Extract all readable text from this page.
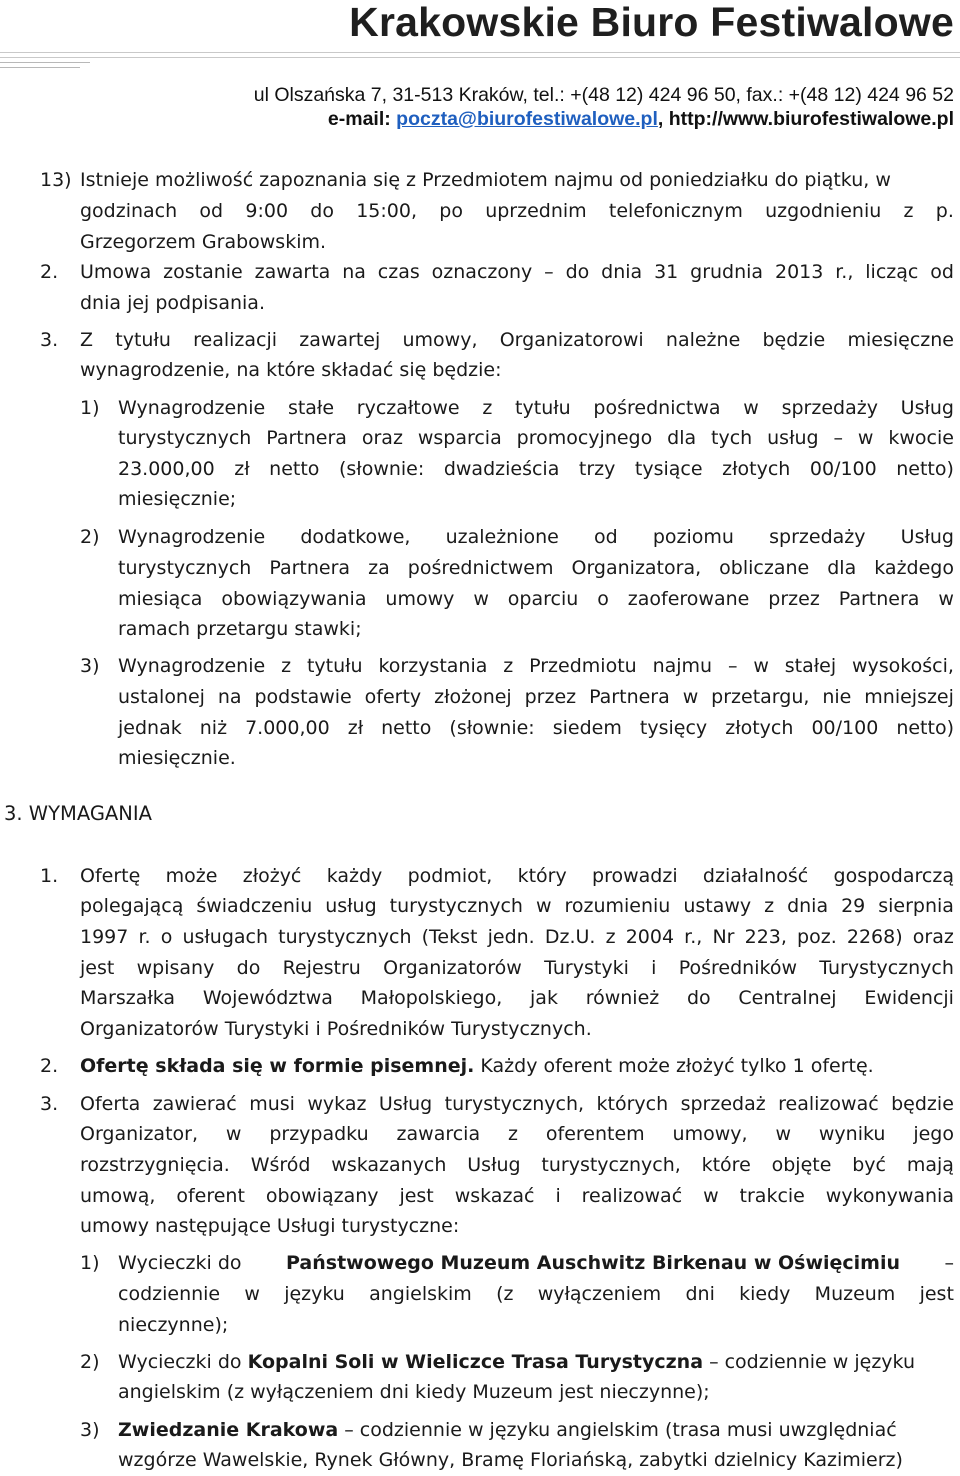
Krakowskie Biuro Festiwalowe
ul Olszańska 7, 31-513 Kraków, tel.: +(48 12) 424 96 50, fax.: +(48 12) 424 96 52
e-mail: poczta@biurofestiwalowe.pl, http://www.biurofestiwalowe.pl
13) Istnieje możliwość zapoznania się z Przedmiotem najmu od poniedziałku do piątku, w
godzinach od 9:00 do 15:00, po uprzednim telefonicznym uzgodnieniu z p.
Grzegorzem Grabowskim.
2. Umowa zostanie zawarta na czas oznaczony – do dnia 31 grudnia 2013 r., licząc od
dnia jej podpisania.
3. Z tytułu realizacji zawartej umowy, Organizatorowi należne będzie miesięczne
wynagrodzenie, na które składać się będzie:
1) Wynagrodzenie stałe ryczałtowe z tytułu pośrednictwa w sprzedaży Usług
turystycznych Partnera oraz wsparcia promocyjnego dla tych usług – w kwocie
23.000,00 zł netto (słownie: dwadzieścia trzy tysiące złotych 00/100 netto)
miesięcznie;
2) Wynagrodzenie dodatkowe, uzależnione od poziomu sprzedaży Usług
turystycznych Partnera za pośrednictwem Organizatora, obliczane dla każdego
miesiąca obowiązywania umowy w oparciu o zaoferowane przez Partnera w
ramach przetargu stawki;
3) Wynagrodzenie z tytułu korzystania z Przedmiotu najmu – w stałej wysokości,
ustalonej na podstawie oferty złożonej przez Partnera w przetargu, nie mniejszej
jednak niż 7.000,00 zł netto (słownie: siedem tysięcy złotych 00/100 netto)
miesięcznie.
3. WYMAGANIA
1. Ofertę może złożyć każdy podmiot, który prowadzi działalność gospodarczą
polegającą świadczeniu usług turystycznych w rozumieniu ustawy z dnia 29 sierpnia
1997 r. o usługach turystycznych (Tekst jedn. Dz.U. z 2004 r., Nr 223, poz. 2268) oraz
jest wpisany do Rejestru Organizatorów Turystyki i Pośredników Turystycznych
Marszałka Województwa Małopolskiego, jak również do Centralnej Ewidencji
Organizatorów Turystyki i Pośredników Turystycznych.
2. Ofertę składa się w formie pisemnej. Każdy oferent może złożyć tylko 1 ofertę.
3. Oferta zawierać musi wykaz Usług turystycznych, których sprzedaż realizować będzie
Organizator, w przypadku zawarcia z oferentem umowy, w wyniku jego
rozstrzygnięcia. Wśród wskazanych Usług turystycznych, które objęte być mają
umową, oferent obowiązany jest wskazać i realizować w trakcie wykonywania
umowy następujące Usługi turystyczne:
1) Wycieczki do Państwowego Muzeum Auschwitz Birkenau w Oświęcimiu –
codziennie w języku angielskim (z wyłączeniem dni kiedy Muzeum jest
nieczynne);
2) Wycieczki do Kopalni Soli w Wieliczce Trasa Turystyczna – codziennie w języku
angielskim (z wyłączeniem dni kiedy Muzeum jest nieczynne);
3) Zwiedzanie Krakowa – codziennie w języku angielskim (trasa musi uwzględniać
wzgórze Wawelskie, Rynek Główny, Bramę Floriańską, zabytki dzielnicy Kazimierz)
